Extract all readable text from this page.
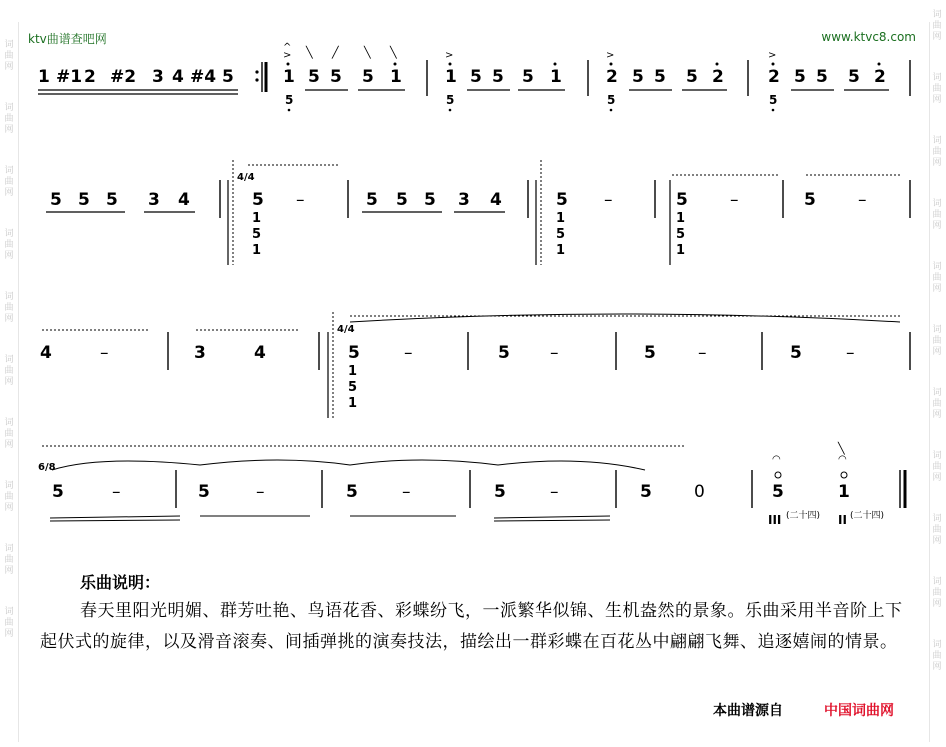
ktv曲谱查吧网	www.ktvc8.com
词曲网
词曲网
词曲网
词曲网
词曲网
词曲网
词曲网
词曲网
词曲网
词曲网
词曲网
词曲网
词曲网
词曲网
词曲网
词曲网
词曲网
词曲网
词曲网
词曲网
词曲网
1 #1 2 #2 3 4 #4 5
^
>
1
5
5 5 5 1
╲ ╱ ╲ ╲	>
1
5
5 5 5 1
>
2
5
5 5 5 2
>
2
5
5 5 5 2
5 5 5 3 4
4/4
5
1
5
1
–	5 5 5 3 4	5
1
5
1
–	5
1
5
1
–	5 –
4	–	3	4
4/4
5
1
5
1
–	5 –	5 –	5	–
6/8
5	–	5	–	5	–	5	–	5 0
◠
5
╲
◠
1
III (二十四) II (二十四)
乐曲说明：
春天里阳光明媚、群芳吐艳、鸟语花香、彩蝶纷飞，一派繁华似锦、生机盎然的景象。乐曲采用半音阶上下起伏式的旋律，以及滑音滚奏、间插弹挑的演奏技法，描绘出一群彩蝶在百花丛中翩翩飞舞、追逐嬉闹的情景。
本曲谱源自	中国词曲网
